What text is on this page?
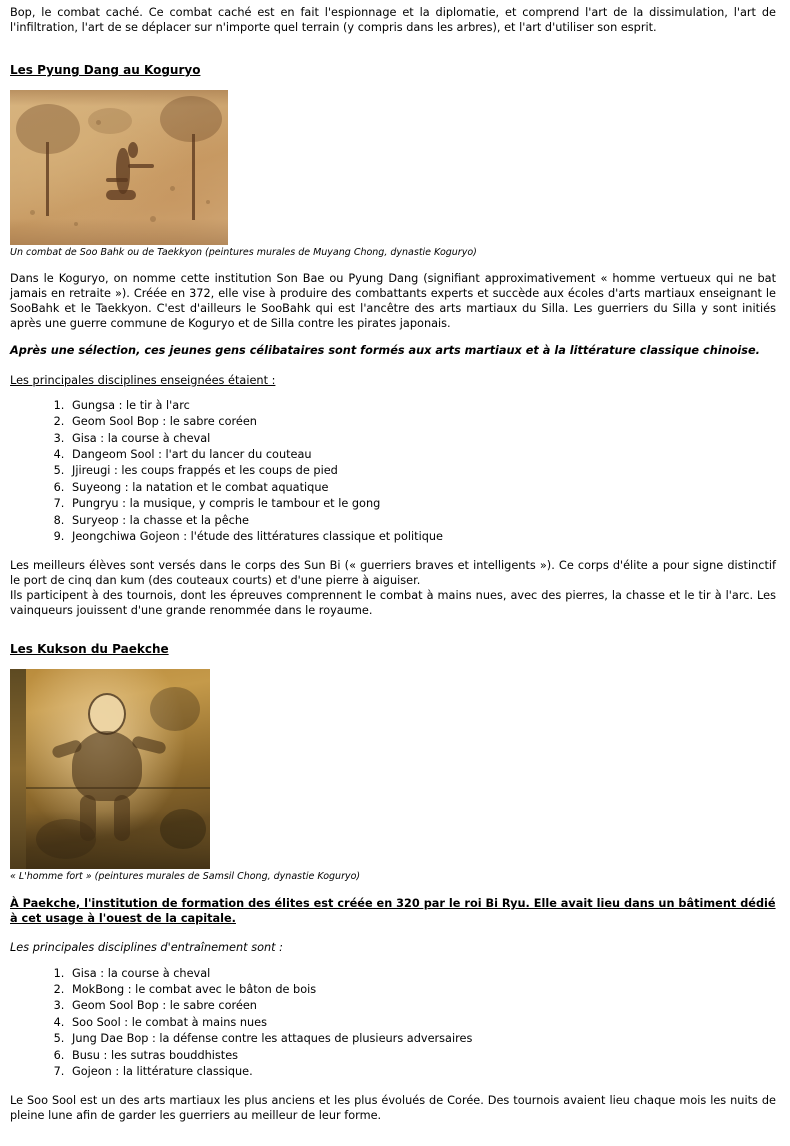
Bop, le combat caché. Ce combat caché est en fait l'espionnage et la diplomatie, et comprend l'art de la dissimulation, l'art de l'infiltration, l'art de se déplacer sur n'importe quel terrain (y compris dans les arbres), et l'art d'utiliser son esprit.

Les Pyung Dang au Koguryo

Un combat de Soo Bahk ou de Taekkyon (peintures murales de Muyang Chong, dynastie Koguryo)

Dans le Koguryo, on nomme cette institution Son Bae ou Pyung Dang (signifiant approximativement « homme vertueux qui ne bat jamais en retraite »). Créée en 372, elle vise à produire des combattants experts et succède aux écoles d'arts martiaux enseignant le SooBahk et le Taekkyon. C'est d'ailleurs le SooBahk qui est l'ancêtre des arts martiaux du Silla. Les guerriers du Silla y sont initiés après une guerre commune de Koguryo et de Silla contre les pirates japonais.

Après une sélection, ces jeunes gens célibataires sont formés aux arts martiaux et à la littérature classique chinoise.

Les principales disciplines enseignées étaient :

1. Gungsa : le tir à l'arc
2. Geom Sool Bop : le sabre coréen
3. Gisa : la course à cheval
4. Dangeom Sool : l'art du lancer du couteau
5. Jjireugi : les coups frappés et les coups de pied
6. Suyeong : la natation et le combat aquatique
7. Pungryu : la musique, y compris le tambour et le gong
8. Suryeop : la chasse et la pêche
9. Jeongchiwa Gojeon : l'étude des littératures classique et politique

Les meilleurs élèves sont versés dans le corps des Sun Bi (« guerriers braves et intelligents »). Ce corps d'élite a pour signe distinctif le port de cinq dan kum (des couteaux courts) et d'une pierre à aiguiser.

Ils participent à des tournois, dont les épreuves comprennent le combat à mains nues, avec des pierres, la chasse et le tir à l'arc. Les vainqueurs jouissent d'une grande renommée dans le royaume.

Les Kukson du Paekche

« L'homme fort » (peintures murales de Samsil Chong, dynastie Koguryo)

À Paekche, l'institution de formation des élites est créée en 320 par le roi Bi Ryu. Elle avait lieu dans un bâtiment dédié à cet usage à l'ouest de la capitale.

Les principales disciplines d'entraînement sont :

1. Gisa : la course à cheval
2. MokBong : le combat avec le bâton de bois
3. Geom Sool Bop : le sabre coréen
4. Soo Sool : le combat à mains nues
5. Jung Dae Bop : la défense contre les attaques de plusieurs adversaires
6. Busu : les sutras bouddhistes
7. Gojeon : la littérature classique.

Le Soo Sool est un des arts martiaux les plus anciens et les plus évolués de Corée. Des tournois avaient lieu chaque mois les nuits de pleine lune afin de garder les guerriers au meilleur de leur forme.
